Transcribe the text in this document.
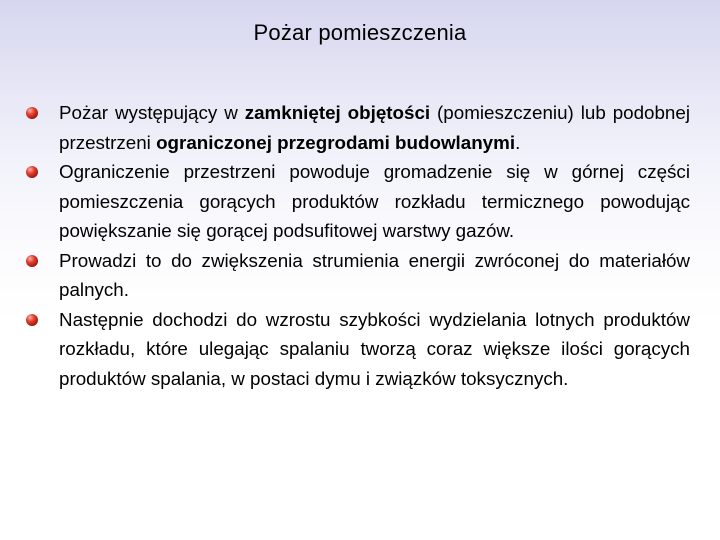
Pożar pomieszczenia
Pożar występujący w zamkniętej objętości (pomieszczeniu) lub podobnej przestrzeni ograniczonej przegrodami budowlanymi.
Ograniczenie przestrzeni powoduje gromadzenie się w górnej części pomieszczenia gorących produktów rozkładu termicznego powodując powiększanie się gorącej podsufitowej warstwy gazów.
Prowadzi to do zwiększenia strumienia energii zwróconej do materiałów palnych.
Następnie dochodzi do wzrostu szybkości wydzielania lotnych produktów rozkładu, które ulegając spalaniu tworzą coraz większe ilości gorących produktów spalania, w postaci dymu i związków toksycznych.
